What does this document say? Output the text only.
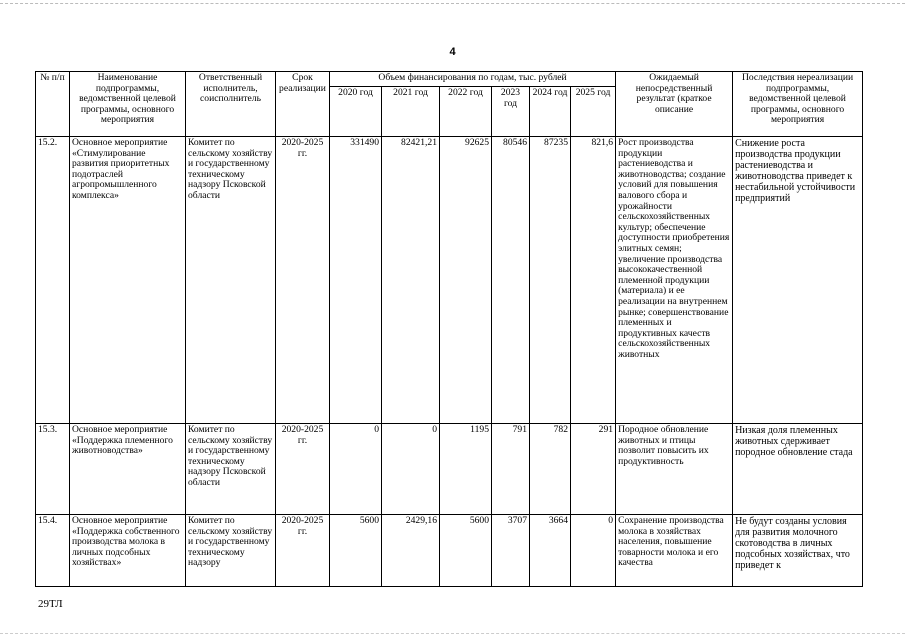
4
№ п/п	Наименование подпрограммы, ведомственной целевой программы, основного мероприятия	Ответственный исполнитель, соисполнитель	Срок реализации	Объем финансирования по годам, тыс. рублей						Ожидаемый непосредственный результат (краткое описание	Последствия нереализации подпрограммы, ведомственной целевой программы, основного мероприятия
				2020 год	2021 год	2022 год	2023 год	2024 год	2025 год		
15.2.	Основное мероприятие «Стимулирование развития приоритетных подотраслей агропромышленного комплекса»	Комитет по сельскому хозяйству и государственному техническому надзору Псковской области	2020-2025 гг.	331490	82421,21	92625	80546	87235	821,6	Рост производства продукции растениеводства и животноводства; создание условий для повышения валового сбора и урожайности сельскохозяйственных культур; обеспечение доступности приобретения элитных семян; увеличение производства высококачественной племенной продукции (материала) и ее реализации на внутреннем рынке; совершенствование племенных и продуктивных качеств сельскохозяйственных животных	Снижение роста производства продукции растениеводства и животноводства приведет к нестабильной устойчивости предприятий
15.3.	Основное мероприятие «Поддержка племенного животноводства»	Комитет по сельскому хозяйству и государственному техническому надзору Псковской области	2020-2025 гг.	0	0	1195	791	782	291	Породное обновление животных и птицы позволит повысить их продуктивность	Низкая доля племенных животных сдерживает породное обновление стада
15.4.	Основное мероприятие «Поддержка собственного производства молока в личных подсобных хозяйствах»	Комитет по сельскому хозяйству и государственному техническому надзору	2020-2025 гг.	5600	2429,16	5600	3707	3664	0	Сохранение производства молока в хозяйствах населения, повышение товарности молока и его качества	Не будут созданы условия для развития молочного скотоводства в личных подсобных хозяйствах, что приведет к
29ТЛ
